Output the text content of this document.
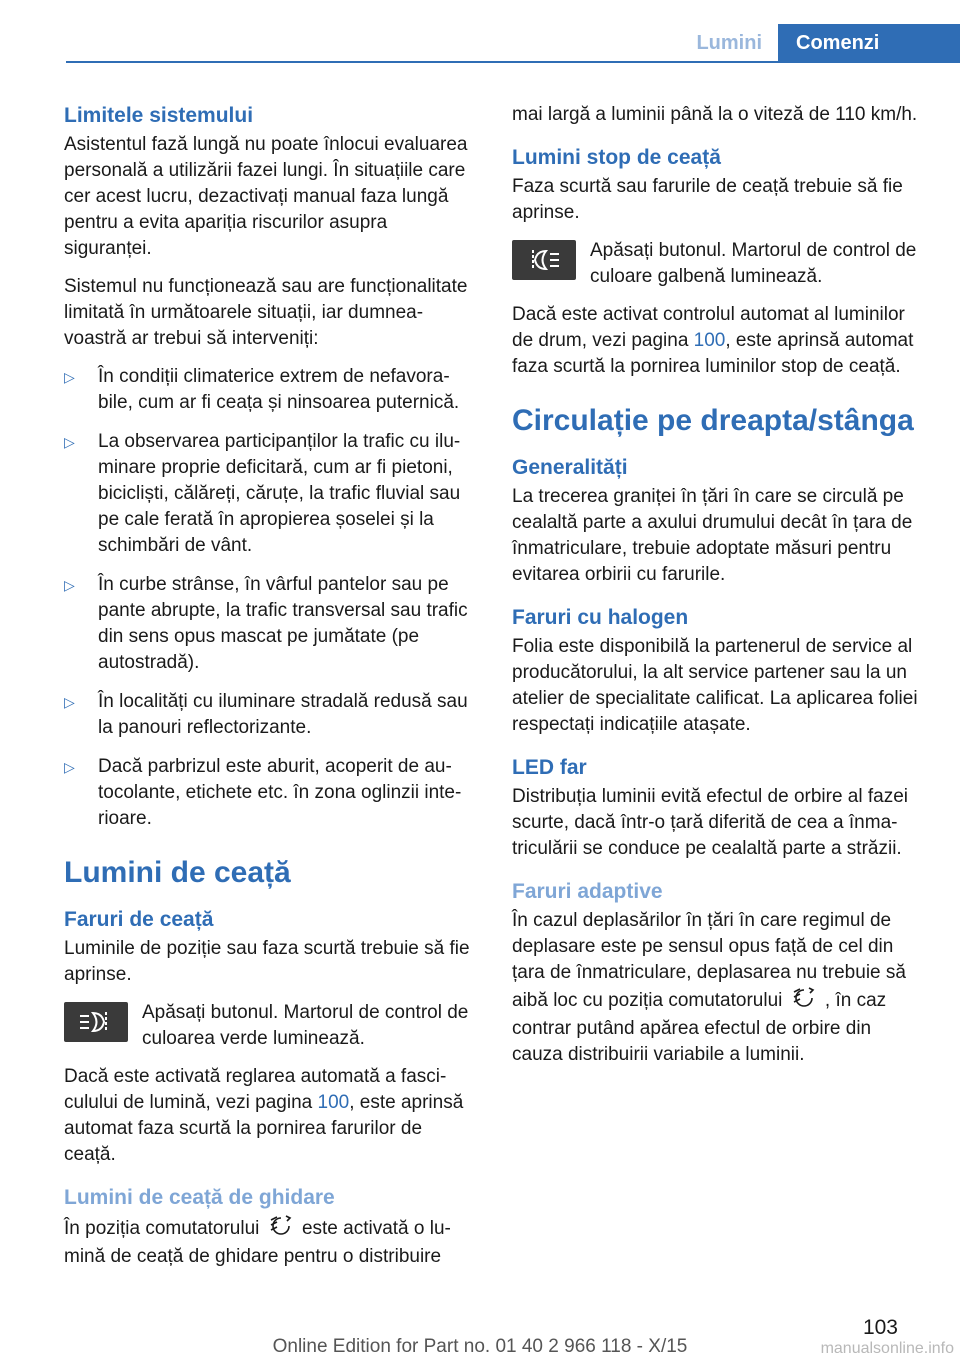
Lumini	Comenzi
Limitele sistemului

Asistentul fază lungă nu poate înlocui evaluarea personală a utilizării fazei lungi. În situațiile care cer acest lucru, dezactivați manual faza lungă pentru a evita apariția riscurilor asupra siguranței.

Sistemul nu funcționează sau are funcționalitate limitată în următoarele situații, iar dumneavoastră ar trebui să interveniți:

▷ În condiții climaterice extrem de nefavorabile, cum ar fi ceața și ninsoarea puternică.
▷ La observarea participanților la trafic cu iluminare proprie deficitară, cum ar fi pietoni, bicicliști, călăreți, căruțe, la trafic fluvial sau pe cale ferată în apropierea șoselei și la schimbări de vânt.
▷ În curbe strânse, în vârful pantelor sau pe pante abrupte, la trafic transversal sau trafic din sens opus mascat pe jumătate (pe autostradă).
▷ În localități cu iluminare stradală redusă sau la panouri reflectorizante.
▷ Dacă parbrizul este aburit, acoperit de autocolante, etichete etc. în zona oglinzii interioare.
Lumini de ceață
Faruri de ceață

Luminile de poziție sau faza scurtă trebuie să fie aprinse.

Apăsați butonul. Martorul de control de culoarea verde luminează.

Dacă este activată reglarea automată a fasciculului de lumină, vezi pagina 100, este aprinsă automat faza scurtă la pornirea farurilor de ceață.

Lumini de ceață de ghidare

În poziția comutatorului  este activată o lumină de ceață de ghidare pentru o distribuire

mai largă a luminii până la o viteză de 110 km/h.

Lumini stop de ceață

Faza scurtă sau farurile de ceață trebuie să fie aprinse.

Apăsați butonul. Martorul de control de culoare galbenă luminează.

Dacă este activat controlul automat al luminilor de drum, vezi pagina 100, este aprinsă automat faza scurtă la pornirea luminilor stop de ceață.

Circulație pe dreapta/stânga
Generalități

La trecerea graniței în țări în care se circulă pe cealaltă parte a axului drumului decât în țara de înmatriculare, trebuie adoptate măsuri pentru evitarea orbirii cu farurile.

Faruri cu halogen

Folia este disponibilă la partenerul de service al producătorului, la alt service partener sau la un atelier de specialitate calificat. La aplicarea foliei respectați indicațiile atașate.

LED far

Distribuția luminii evită efectul de orbire al fazei scurte, dacă într-o țară diferită de cea a înmatriculării se conduce pe cealaltă parte a străzii.

Faruri adaptive

În cazul deplasărilor în țări în care regimul de deplasare este pe sensul opus față de cel din țara de înmatriculare, deplasarea nu trebuie să aibă loc cu poziția comutatorului  , în caz contrar putând apărea efectul de orbire din cauza distribuirii variabile a luminii.

103
Online Edition for Part no. 01 40 2 966 118 - X/15	manualsonline.info
